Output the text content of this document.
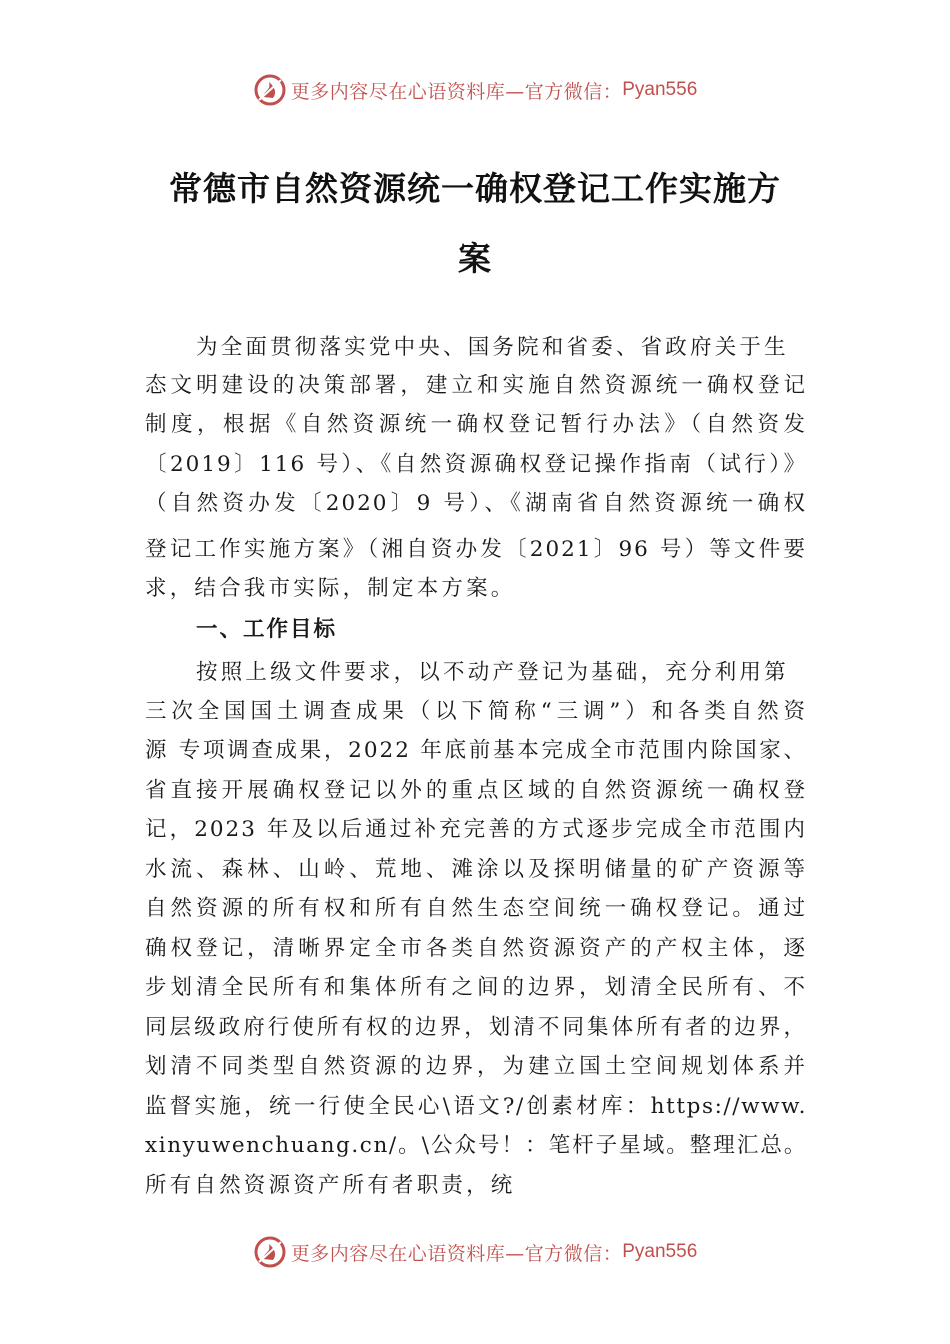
更多内容尽在心语资料库—官方微信： Pyan556
常德市自然资源统一确权登记工作实施方
案
为全面贯彻落实党中央、国务院和省委、省政府关于生
态文明建设的决策部署，建立和实施自然资源统一确权登记
制度，根据《自然资源统一确权登记暂行办法》（自然资发
〔2019〕116 号）、《自然资源确权登记操作指南（试行）》
（自然资办发〔2020〕9 号）、《湖南省自然资源统一确权
登记工作实施方案》（湘自资办发〔2021〕96 号）等文件要
求，结合我市实际，制定本方案。
一、工作目标
按照上级文件要求，以不动产登记为基础，充分利用第
三次全国国土调查成果（以下简称“三调”）和各类自然资
源 专项调查成果，2022 年底前基本完成全市范围内除国家、
省直接开展确权登记以外的重点区域的自然资源统一确权登
记，2023 年及以后通过补充完善的方式逐步完成全市范围内
水流、森林、山岭、荒地、滩涂以及探明储量的矿产资源等
自然资源的所有权和所有自然生态空间统一确权登记。通过
确权登记，清晰界定全市各类自然资源资产的产权主体，逐
步划清全民所有和集体所有之间的边界，划清全民所有、不
同层级政府行使所有权的边界，划清不同集体所有者的边界，
划清不同类型自然资源的边界，为建立国土空间规划体系并
监督实施，统一行使全民心\语文?/创素材库：https://www.
xinyuwenchuang.cn/。\公众号！：笔杆子星域。整理汇总。
所有自然资源资产所有者职责，统
更多内容尽在心语资料库—官方微信： Pyan556
